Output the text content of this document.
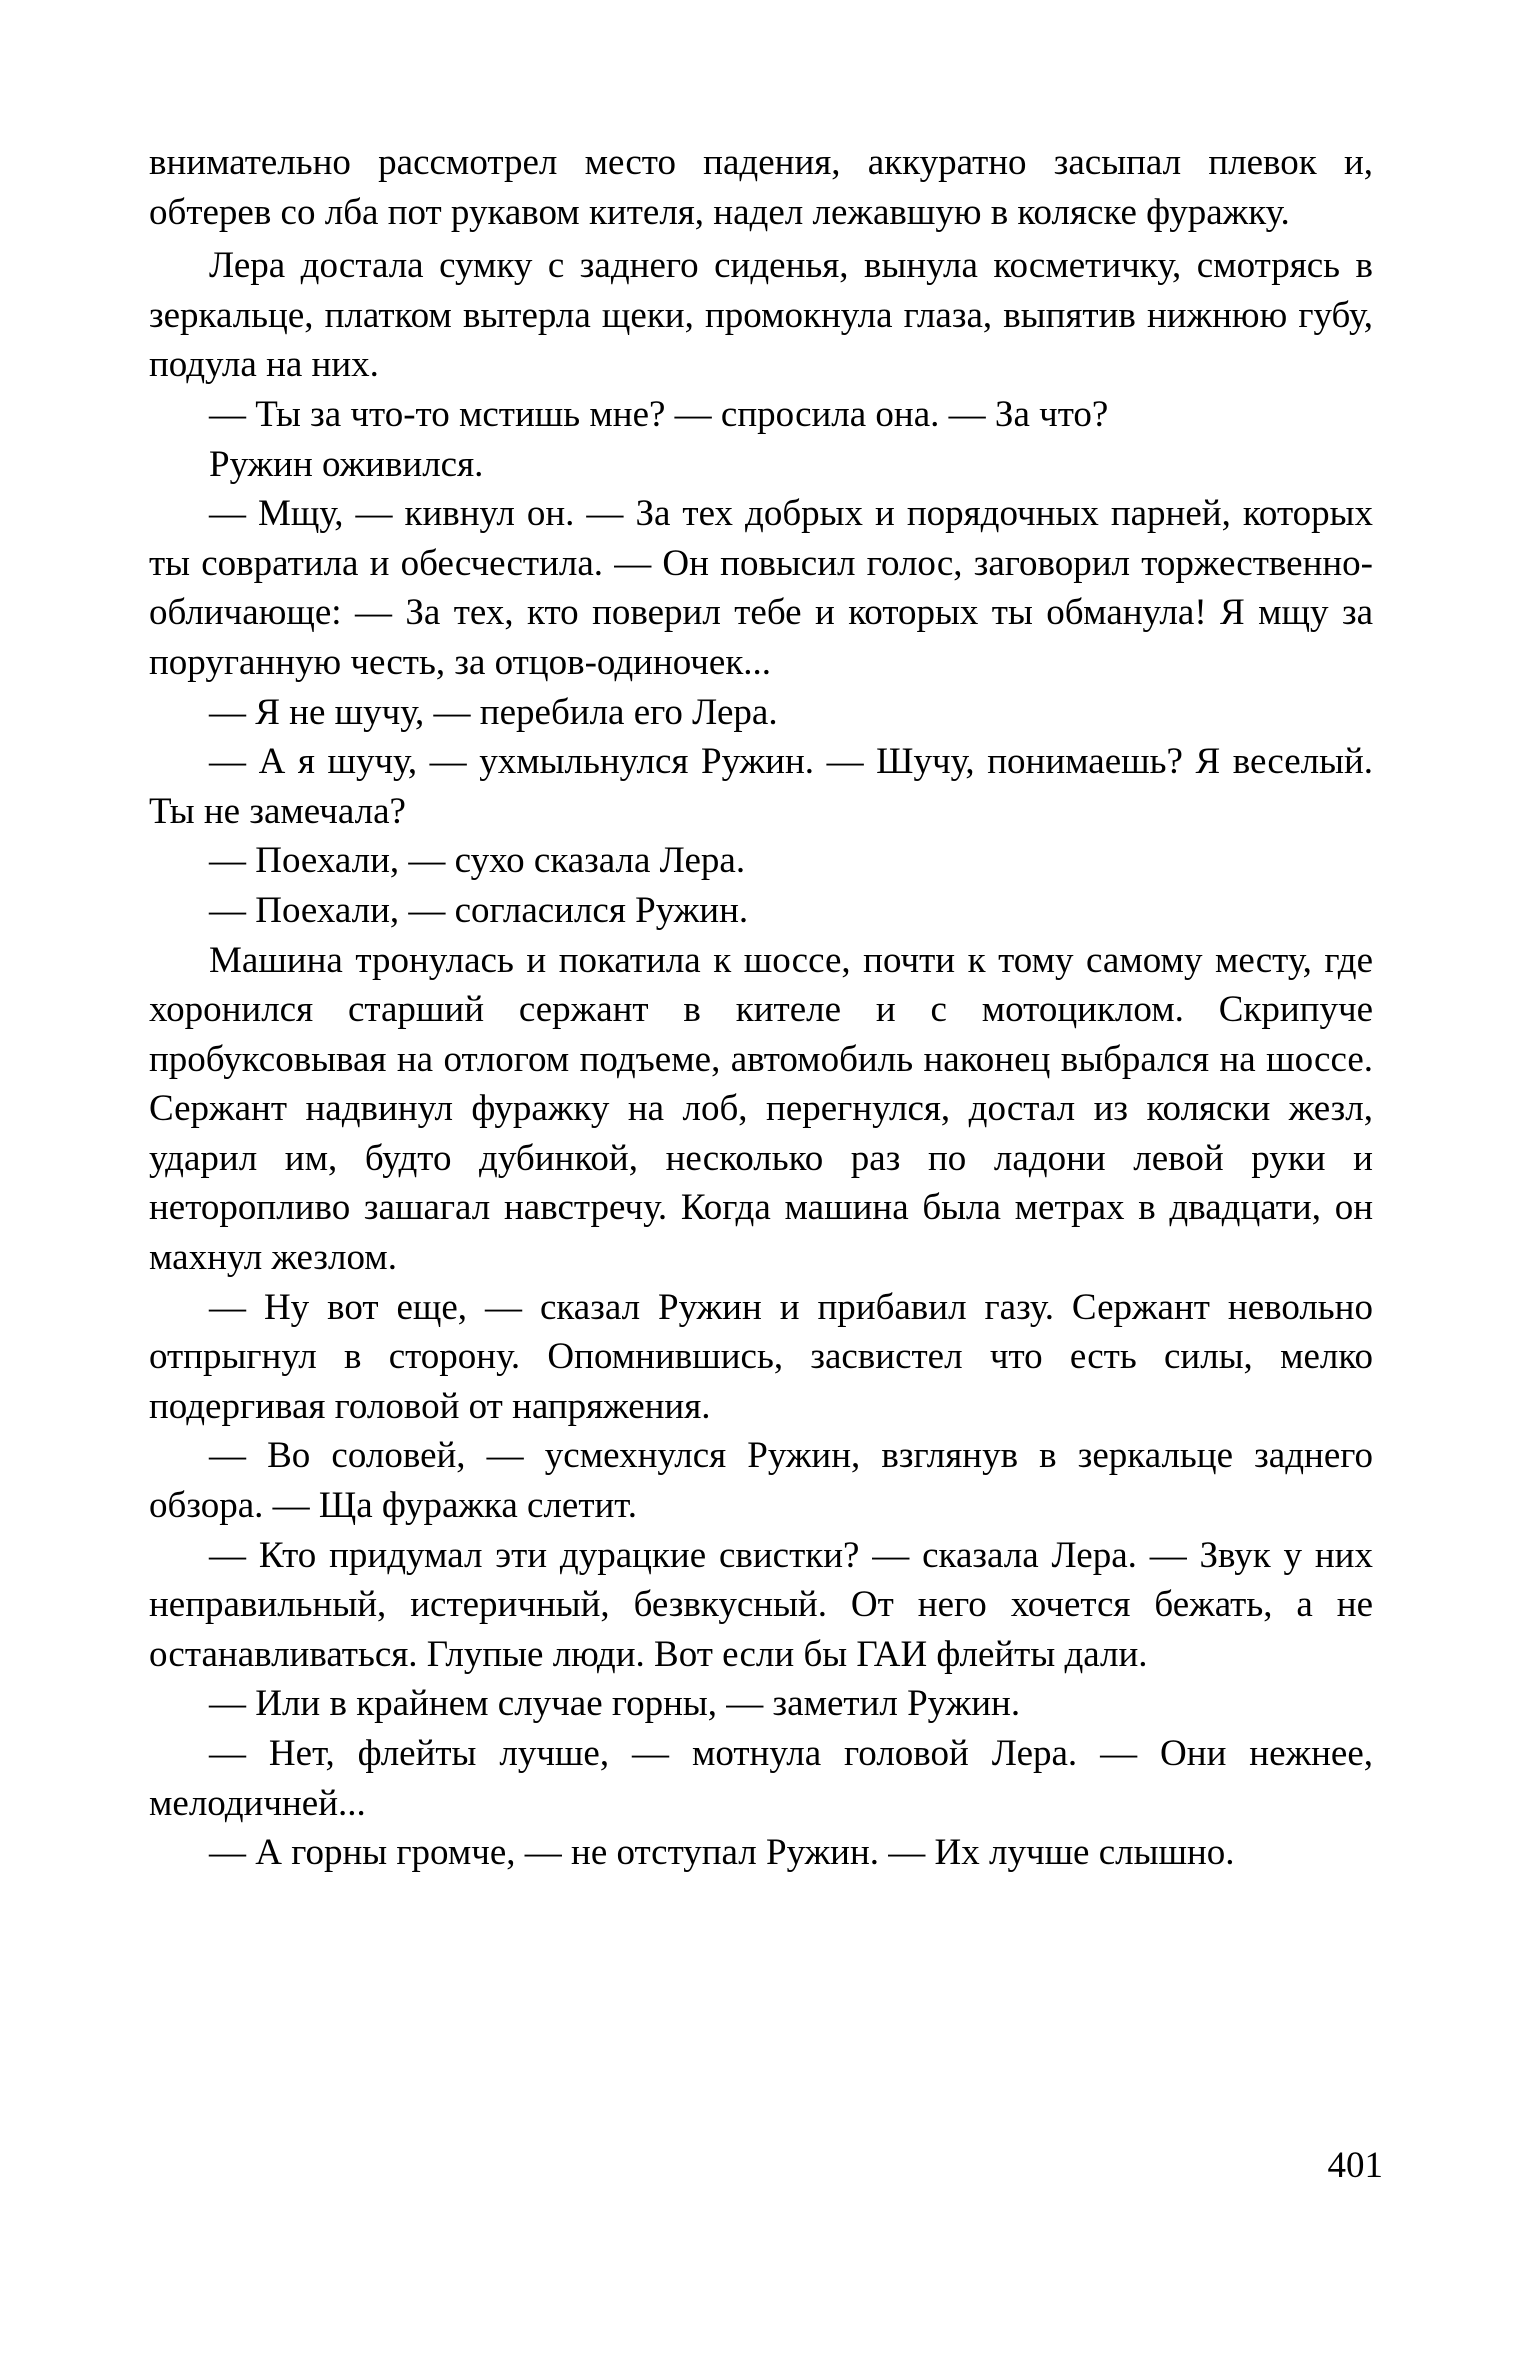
внимательно рассмотрел место падения, аккуратно засыпал плевок и, обтерев со лба пот рукавом кителя, надел лежавшую в коляске фуражку.

Лера достала сумку с заднего сиденья, вынула косметичку, смотрясь в зеркальце, платком вытерла щеки, промокнула глаза, выпятив нижнюю губу, подула на них.

— Ты за что-то мстишь мне? — спросила она. — За что?

Ружин оживился.

— Мщу, — кивнул он. — За тех добрых и порядочных парней, которых ты совратила и обесчестила. — Он повысил голос, заговорил торжественно-обличающе: — За тех, кто поверил тебе и которых ты обманула! Я мщу за поруганную честь, за отцов-одиночек...

— Я не шучу, — перебила его Лера.

— А я шучу, — ухмыльнулся Ружин. — Шучу, понимаешь? Я веселый. Ты не замечала?

— Поехали, — сухо сказала Лера.

— Поехали, — согласился Ружин.

Машина тронулась и покатила к шоссе, почти к тому самому месту, где хоронился старший сержант в кителе и с мотоциклом. Скрипуче пробуксовывая на отлогом подъеме, автомобиль наконец выбрался на шоссе. Сержант надвинул фуражку на лоб, перегнулся, достал из коляски жезл, ударил им, будто дубинкой, несколько раз по ладони левой руки и неторопливо зашагал навстречу. Когда машина была метрах в двадцати, он махнул жезлом.

— Ну вот еще, — сказал Ружин и прибавил газу. Сержант невольно отпрыгнул в сторону. Опомнившись, засвистел что есть силы, мелко подергивая головой от напряжения.

— Во соловей, — усмехнулся Ружин, взглянув в зеркальце заднего обзора. — Ща фуражка слетит.

— Кто придумал эти дурацкие свистки? — сказала Лера. — Звук у них неправильный, истеричный, безвкусный. От него хочется бежать, а не останавливаться. Глупые люди. Вот если бы ГАИ флейты дали.

— Или в крайнем случае горны, — заметил Ружин.

— Нет, флейты лучше, — мотнула головой Лера. — Они нежнее, мелодичней...

— А горны громче, — не отступал Ружин. — Их лучше слышно.

401
